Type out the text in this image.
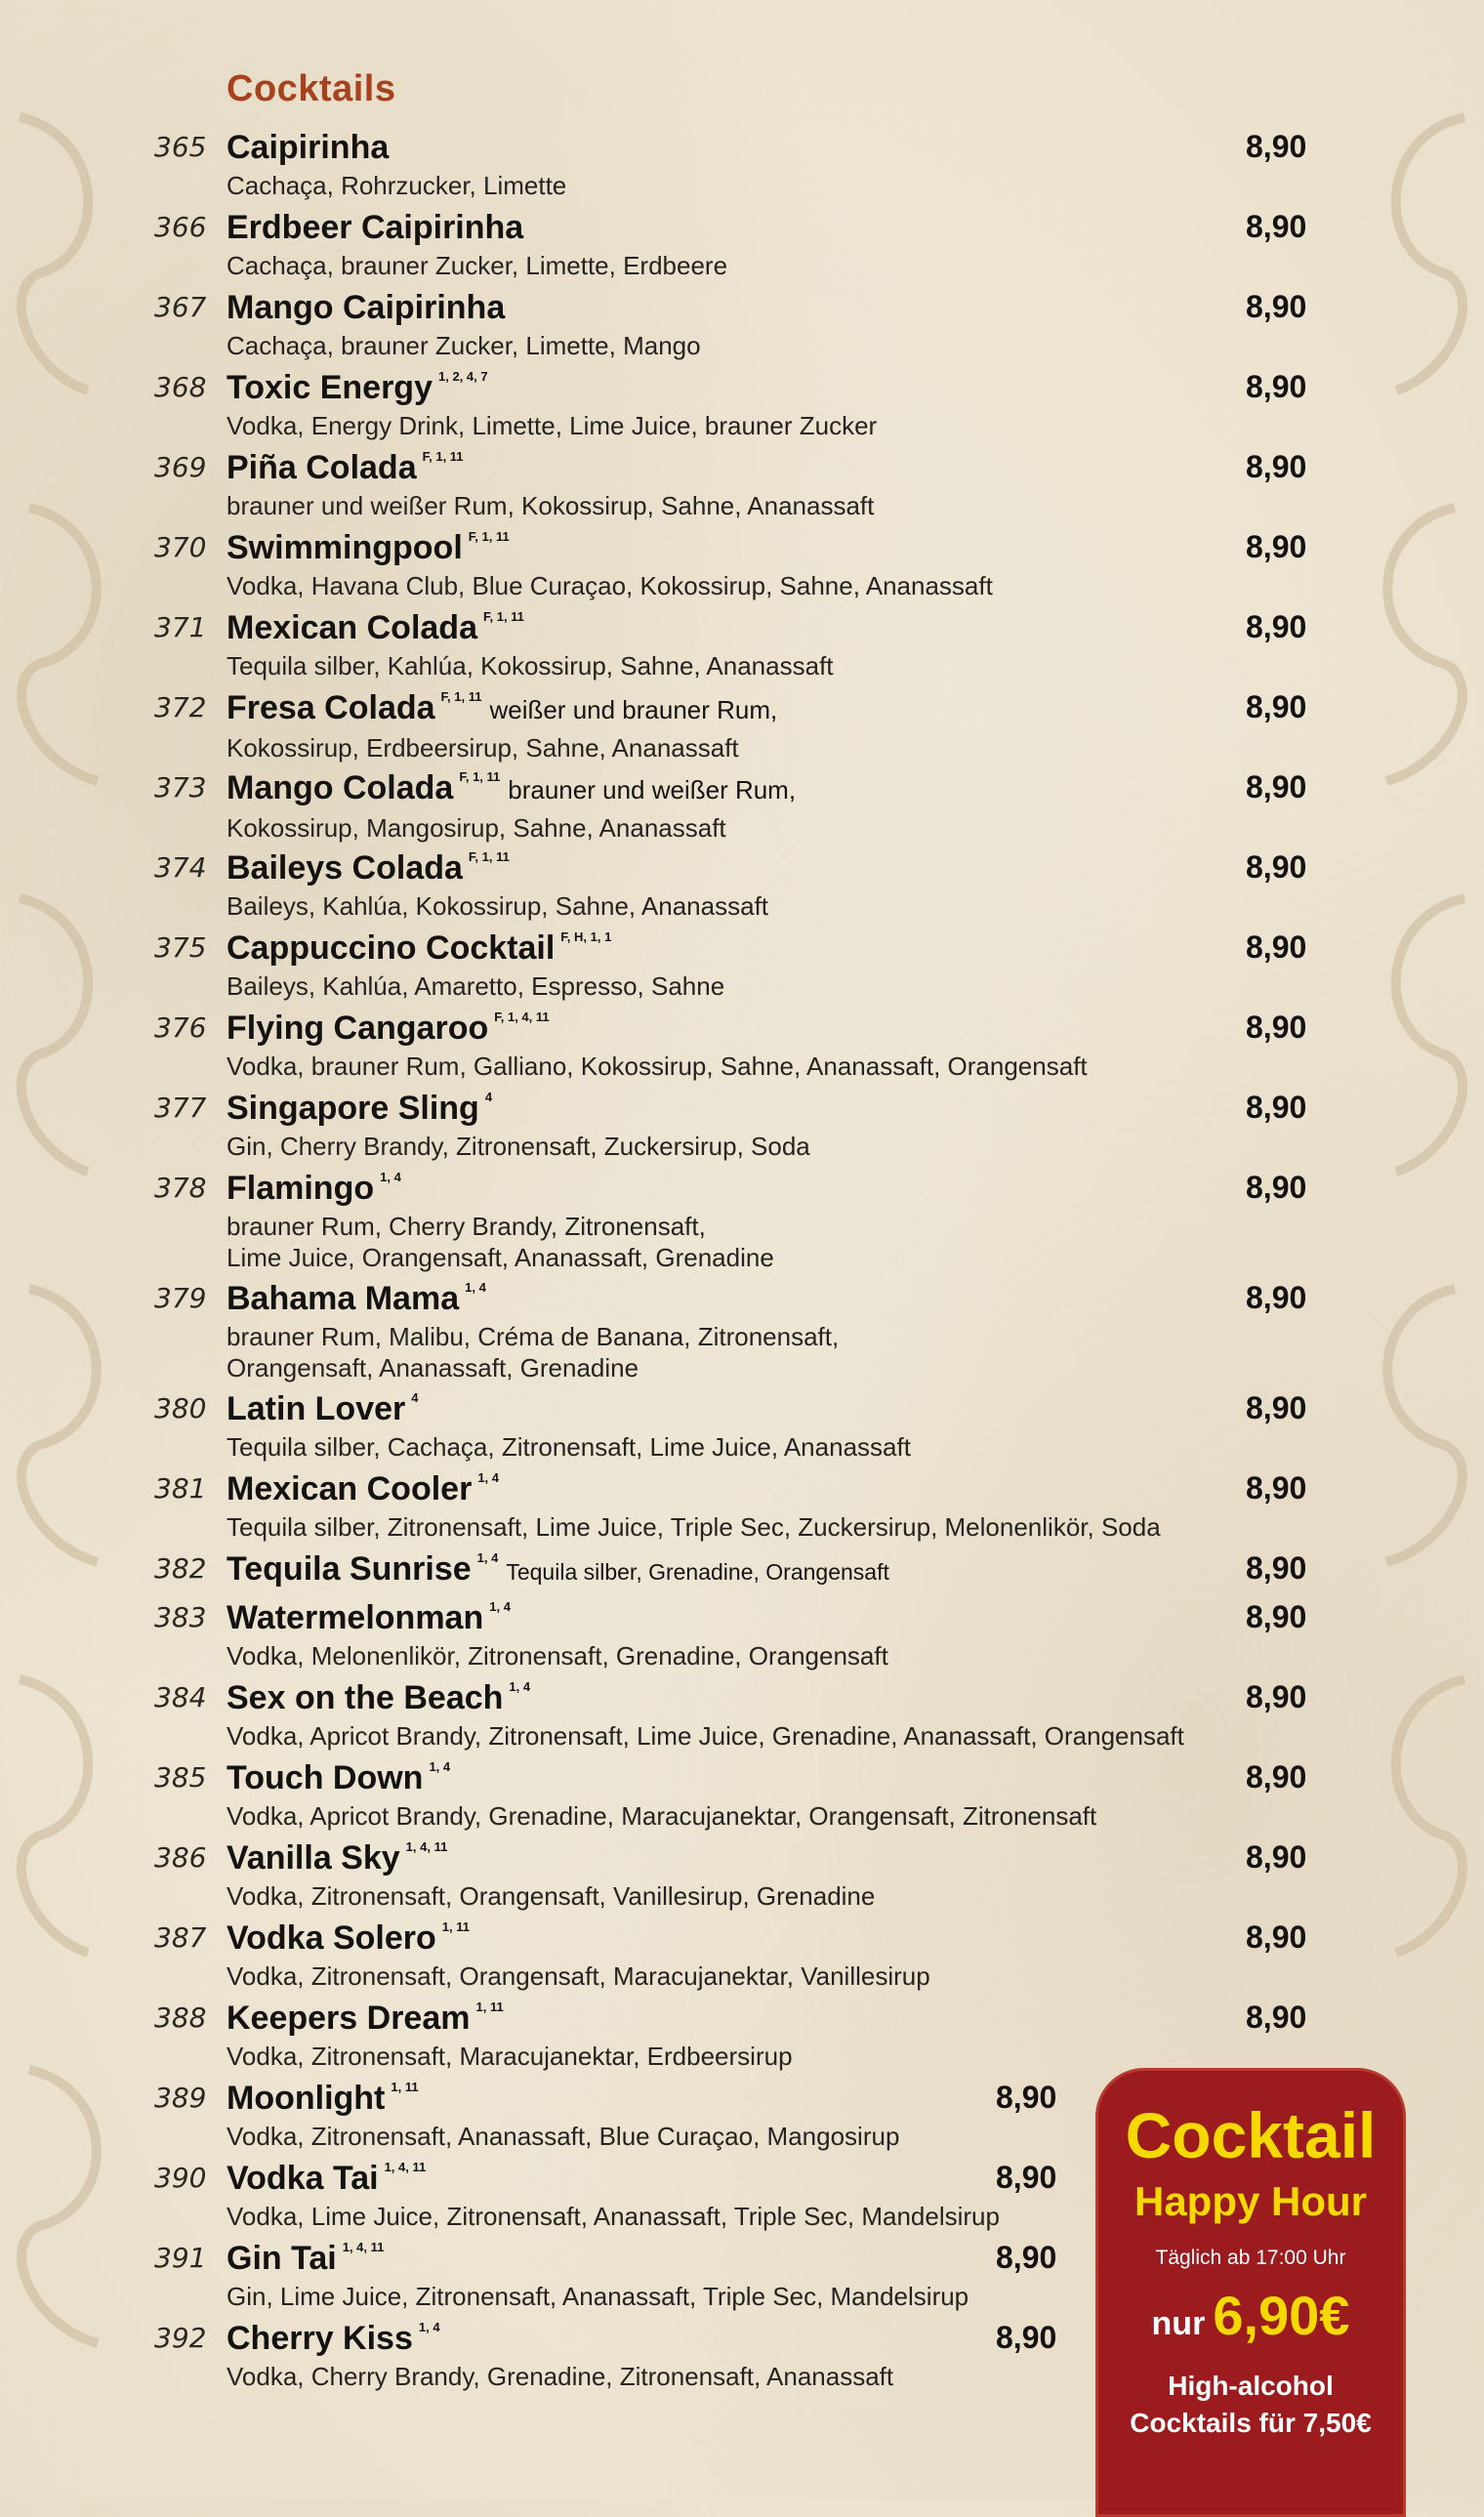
Cocktails
365 Caipirinha
Cachaça, Rohrzucker, Limette
8,90
366 Erdbeer Caipirinha
Cachaça, brauner Zucker, Limette, Erdbeere
8,90
367 Mango Caipirinha
Cachaça, brauner Zucker, Limette, Mango
8,90
368 Toxic Energy $^{1, 2, 4, 7}$
Vodka, Energy Drink, Limette, Lime Juice, brauner Zucker
8,90
369 Piña Colada $^{F, 1, 11}$
brauner und weißer Rum, Kokossirup, Sahne, Ananassaft
8,90
370 Swimmingpool $^{F, 1, 11}$
Vodka, Havana Club, Blue Curaçao, Kokossirup, Sahne, Ananassaft
8,90
371 Mexican Colada $^{F, 1, 11}$
Tequila silber, Kahlúa, Kokossirup, Sahne, Ananassaft
8,90
372 Fresa Colada $^{F, 1, 11}$ weißer und brauner Rum,
Kokossirup, Erdbeersirup, Sahne, Ananassaft
8,90
373 Mango Colada $^{F, 1, 11}$ brauner und weißer Rum,
Kokossirup, Mangosirup, Sahne, Ananassaft
8,90
374 Baileys Colada $^{F, 1, 11}$
Baileys, Kahlúa, Kokossirup, Sahne, Ananassaft
8,90
375 Cappuccino Cocktail $^{F, H, 1, 1}$
Baileys, Kahlúa, Amaretto, Espresso, Sahne
8,90
376 Flying Cangaroo $^{F, 1, 4, 11}$
Vodka, brauner Rum, Galliano, Kokossirup, Sahne, Ananassaft, Orangensaft
8,90
377 Singapore Sling $^4$
Gin, Cherry Brandy, Zitronensaft, Zuckersirup, Soda
8,90
378 Flamingo $^{1, 4}$
brauner Rum, Cherry Brandy, Zitronensaft,
Lime Juice, Orangensaft, Ananassaft, Grenadine
8,90
379 Bahama Mama $^{1, 4}$
brauner Rum, Malibu, Créma de Banana, Zitronensaft,
Orangensaft, Ananassaft, Grenadine
8,90
380 Latin Lover $^4$
Tequila silber, Cachaça, Zitronensaft, Lime Juice, Ananassaft
8,90
381 Mexican Cooler $^{1, 4}$
Tequila silber, Zitronensaft, Lime Juice, Triple Sec, Zuckersirup, Melonenlikör, Soda
8,90
382 Tequila Sunrise $^{1, 4}$Tequila silber, Grenadine, Orangensaft	8,90
383 Watermelonman $^{1, 4}$
Vodka, Melonenlikör, Zitronensaft, Grenadine, Orangensaft
8,90
384 Sex on the Beach $^{1, 4}$
Vodka, Apricot Brandy, Zitronensaft, Lime Juice, Grenadine, Ananassaft, Orangensaft
8,90
385 Touch Down $^{1, 4}$
Vodka, Apricot Brandy, Grenadine, Maracujanektar, Orangensaft, Zitronensaft
8,90
386 Vanilla Sky $^{1, 4, 11}$
Vodka, Zitronensaft, Orangensaft, Vanillesirup, Grenadine
8,90
387 Vodka Solero $^{1, 11}$
Vodka, Zitronensaft, Orangensaft, Maracujanektar, Vanillesirup
8,90
388 Keepers Dream $^{1, 11}$
Vodka, Zitronensaft, Maracujanektar, Erdbeersirup
8,90
389 Moonlight $^{1, 11}$
Vodka, Zitronensaft, Ananassaft, Blue Curaçao, Mangosirup
8,90
390 Vodka Tai $^{1, 4, 11}$
Vodka, Lime Juice, Zitronensaft, Ananassaft, Triple Sec, Mandelsirup
8,90
391 Gin Tai $^{1, 4, 11}$
Gin, Lime Juice, Zitronensaft, Ananassaft, Triple Sec, Mandelsirup
8,90
392 Cherry Kiss $^{1, 4}$
Vodka, Cherry Brandy, Grenadine, Zitronensaft, Ananassaft
8,90
Cocktail
Happy Hour
Täglich ab 17:00 Uhr
nur 6,90€
High-alcohol
Cocktails für 7,50€
